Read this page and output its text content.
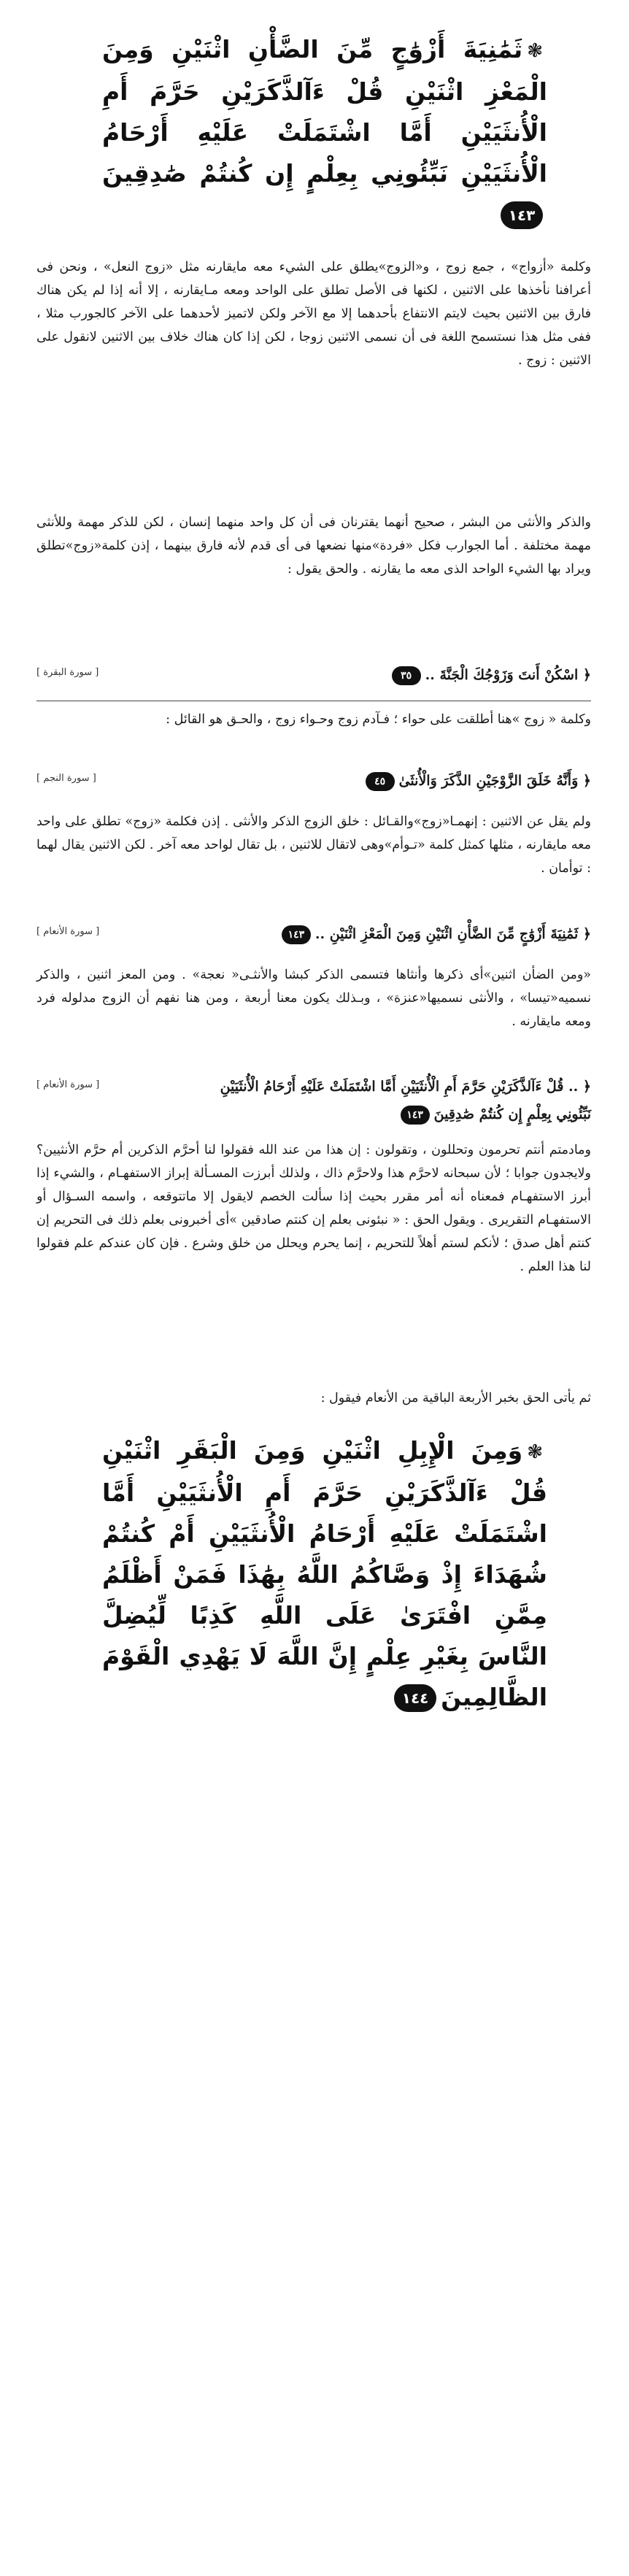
❃ثَمَٰنِيَةَ أَزْوَٰجٍ مِّنَ الضَّأْنِ اثْنَيْنِ وَمِنَ الْمَعْزِ اثْنَيْنِ قُلْ ءَآلذَّكَرَيْنِ حَرَّمَ أَمِ الْأُنثَيَيْنِ أَمَّا اشْتَمَلَتْ عَلَيْهِ أَرْحَامُ الْأُنثَيَيْنِ نَبِّئُونِي بِعِلْمٍ إِن كُنتُمْ صَٰدِقِينَ١٤٣
وكلمة «أزواج» ، جمع زوج ، و«الزوج»يطلق على الشيء معه مايقارنه مثل «زوج النعل» ، ونحن فى أعرافنا نأخذها على الاثنين ، لكنها فى الأصل تطلق على الواحد ومعه مـايقارنه ، إلا أنه إذا لم يكن هناك فارق بين الاثنين بحيث لايتم الانتفاع بأحدهما إلا مع الآخر ولكن لاتميز لأحدهما على الآخر كالجورب مثلا ، ففى مثل هذا نستسمح اللغة فى أن نسمى الاثنين زوجا ، لكن إذا كان هناك خلاف بين الاثنين لانقول على الاثنين : زوج .
والذكر والأنثى من البشر ، صحيح أنهما يقترنان فى أن كل واحد منهما إنسان ، لكن للذكر مهمة وللأنثى مهمة مختلفة . أما الجوارب فكل «فردة»منها نضعها فى أى قدم لأنه فارق بينهما ، إذن كلمة«زوج»تطلق ويراد بها الشيء الواحد الذى معه ما يقارنه . والحق يقول :
﴿ اسْكُنْ أَنتَ وَزَوْجُكَ الْجَنَّةَ ..٣٥
[ سورة البقرة ]
وكلمة « زوج »هنا أطلقت على حواء ؛ فـآدم زوج وحـواء زوج ، والحـق هو القائل :
﴿ وَأَنَّهُ خَلَقَ الزَّوْجَيْنِ الذَّكَرَ وَالْأُنثَىٰ٤٥
[ سورة النجم ]
ولم يقل عن الاثنين : إنهمـا«زوج»والقـائل : خلق الزوج الذكر والأنثى . إذن فكلمة «زوج» تطلق على واحد معه مايقارنه ، مثلها كمثل كلمة «تـوأم»وهى لاتقال للاثنين ، بل تقال لواحد معه آخر . لكن الاثنين يقال لهما : توأمان .
﴿ ثَمَٰنِيَةَ أَزْوَٰجٍ مِّنَ الضَّأْنِ اثْنَيْنِ وَمِنَ الْمَعْزِ اثْنَيْنِ ..١٤٣
[ سورة الأنعام ]
«ومن الضأن اثنين»أى ذكرها وأنثاها فتسمى الذكر كبشا والأنثـى« نعجة» . ومن المعز اثنين ، والذكر نسميه«تيسا» ، والأنثى نسميها«عنزة» ، وبـذلك يكون معنا أربعة ، ومن هنا نفهم أن الزوج مدلوله فرد ومعه مايقارنه .
﴿ .. قُلْ ءَآلذَّكَرَيْنِ حَرَّمَ أَمِ الْأُنثَيَيْنِ أَمَّا اشْتَمَلَتْ عَلَيْهِ أَرْحَامُ الْأُنثَيَيْنِ نَبِّئُونِي بِعِلْمٍ إِن كُنتُمْ صَٰدِقِينَ١٤٣
[ سورة الأنعام ]
ومادمتم أنتم تحرمون وتحللون ، وتقولون : إن هذا من عند الله فقولوا لنا أحرَّم الذكرين أم حرَّم الأنثيين؟ولايجدون جوابا ؛ لأن سبحانه لاحرَّم هذا ولاحرَّم ذاك ، ولذلك أبرزت المسـألة إبراز الاستفهـام ، والشيء إذا أبرز الاستفهـام فمعناه أنه أمر مقرر بحيث إذا سألت الخصم لايقول إلا ماتتوقعه ، واسمه السـؤال أو الاستفهـام التقريرى . ويقول الحق : « نبئونى بعلم إن كنتم صادقين »أى أخبرونى بعلم ذلك فى التحريم إن كنتم أهل صدق ؛ لأنكم لستم أهلاً للتحريم ، إنما يحرم ويحلل من خلق وشرع . فإن كان عندكم علم فقولوا لنا هذا العلم .
ثم يأتى الحق بخبر الأربعة الباقية من الأنعام فيقول :
❃وَمِنَ الْإِبِلِ اثْنَيْنِ وَمِنَ الْبَقَرِ اثْنَيْنِ قُلْ ءَآلذَّكَرَيْنِ حَرَّمَ أَمِ الْأُنثَيَيْنِ أَمَّا اشْتَمَلَتْ عَلَيْهِ أَرْحَامُ الْأُنثَيَيْنِ أَمْ كُنتُمْ شُهَدَاءَ إِذْ وَصَّاكُمُ اللَّهُ بِهَٰذَا فَمَنْ أَظْلَمُ مِمَّنِ افْتَرَىٰ عَلَى اللَّهِ كَذِبًا لِّيُضِلَّ النَّاسَ بِغَيْرِ عِلْمٍ إِنَّ اللَّهَ لَا يَهْدِي الْقَوْمَ الظَّالِمِينَ١٤٤
